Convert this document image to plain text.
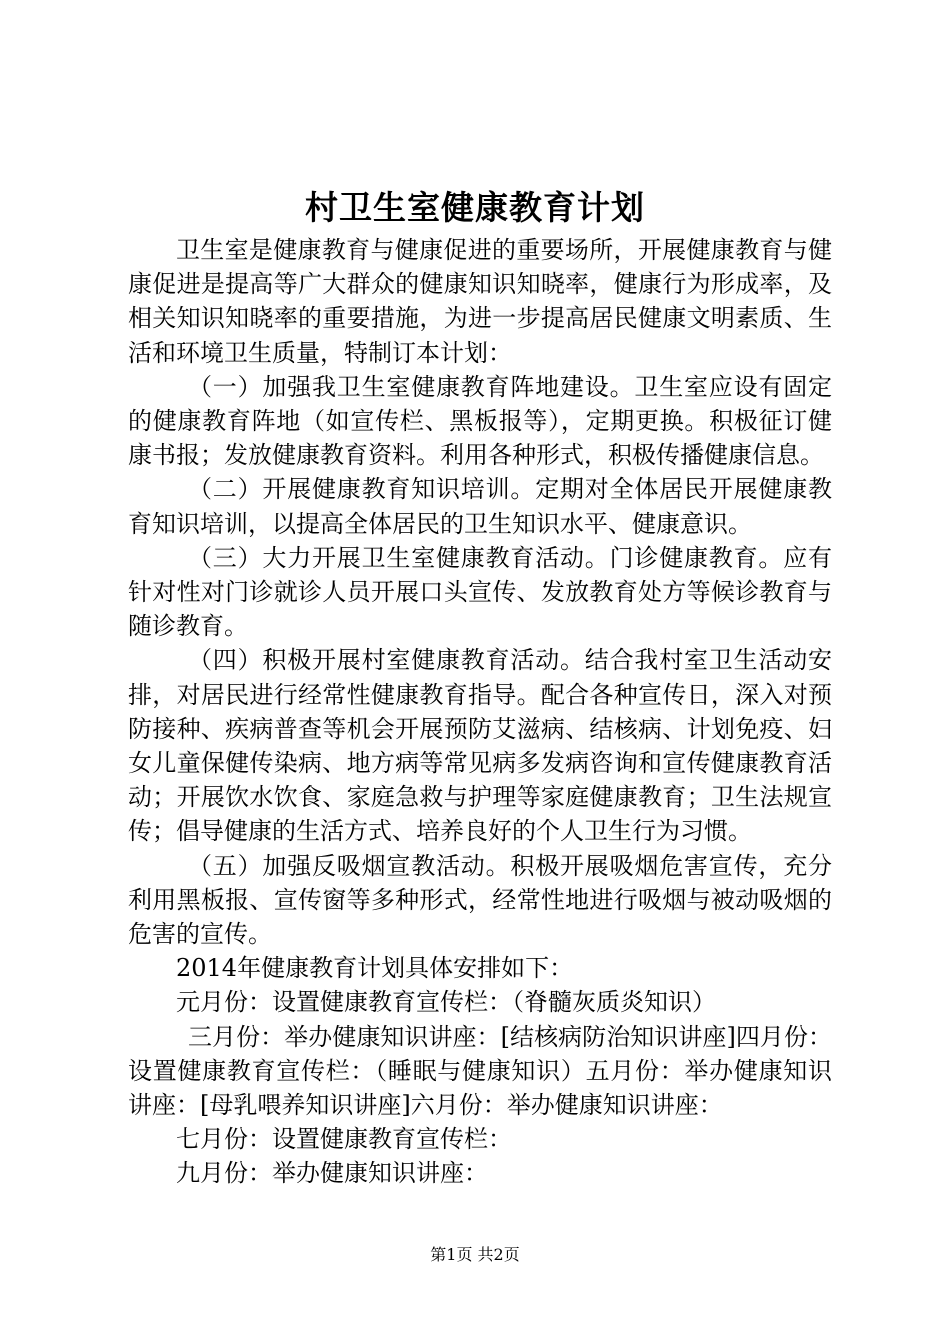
村卫生室健康教育计划

卫生室是健康教育与健康促进的重要场所，开展健康教育与健康促进是提高等广大群众的健康知识知晓率，健康行为形成率，及相关知识知晓率的重要措施，为进一步提高居民健康文明素质、生活和环境卫生质量，特制订本计划：

（一）加强我卫生室健康教育阵地建设。卫生室应设有固定的健康教育阵地（如宣传栏、黑板报等），定期更换。积极征订健康书报；发放健康教育资料。利用各种形式，积极传播健康信息。

（二）开展健康教育知识培训。定期对全体居民开展健康教育知识培训，以提高全体居民的卫生知识水平、健康意识。

（三）大力开展卫生室健康教育活动。门诊健康教育。应有针对性对门诊就诊人员开展口头宣传、发放教育处方等候诊教育与随诊教育。

（四）积极开展村室健康教育活动。结合我村室卫生活动安排，对居民进行经常性健康教育指导。配合各种宣传日，深入对预防接种、疾病普查等机会开展预防艾滋病、结核病、计划免疫、妇女儿童保健传染病、地方病等常见病多发病咨询和宣传健康教育活动；开展饮水饮食、家庭急救与护理等家庭健康教育；卫生法规宣传；倡导健康的生活方式、培养良好的个人卫生行为习惯。

（五）加强反吸烟宣教活动。积极开展吸烟危害宣传，充分利用黑板报、宣传窗等多种形式，经常性地进行吸烟与被动吸烟的危害的宣传。

2014年健康教育计划具体安排如下：

元月份：设置健康教育宣传栏：（脊髓灰质炎知识）

三月份：举办健康知识讲座：[结核病防治知识讲座]四月份：设置健康教育宣传栏：（睡眠与健康知识）五月份：举办健康知识讲座：[母乳喂养知识讲座]六月份：举办健康知识讲座：

七月份：设置健康教育宣传栏：

九月份：举办健康知识讲座：

第1页 共2页
